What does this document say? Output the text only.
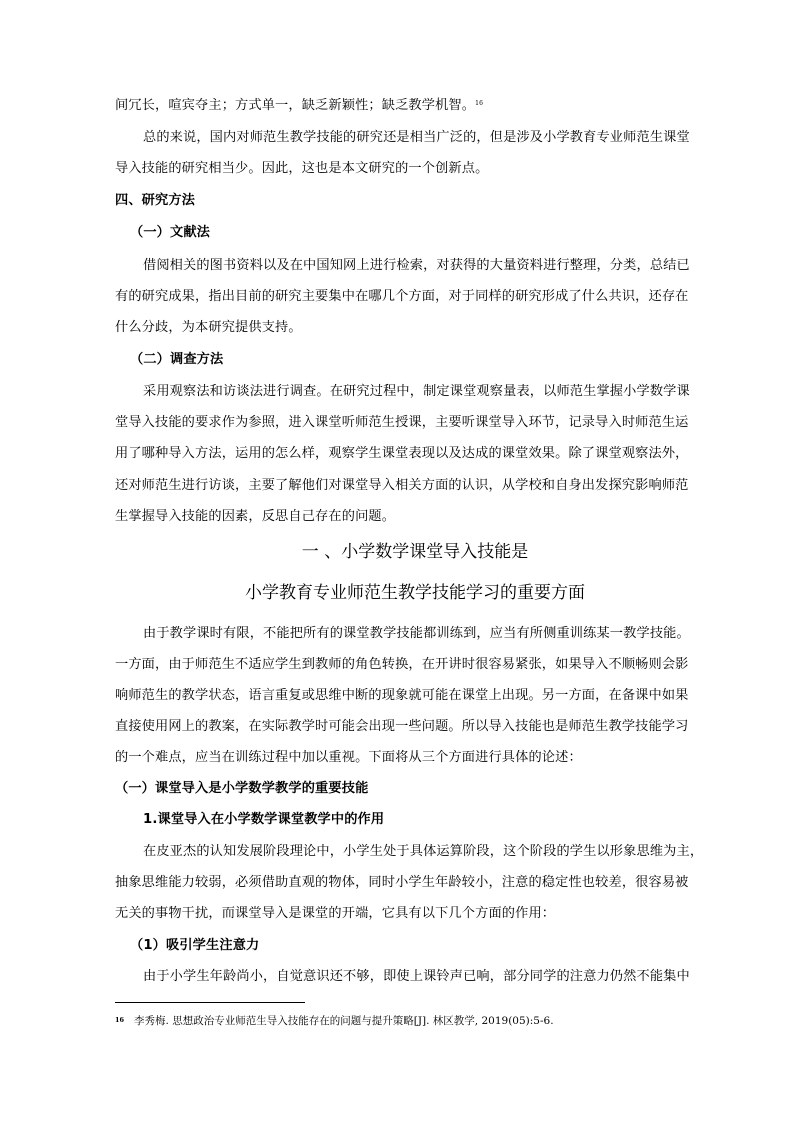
间冗长，喧宾夺主；方式单一，缺乏新颖性；缺乏教学机智。$^{16}$
总的来说，国内对师范生教学技能的研究还是相当广泛的，但是涉及小学教育专业师范生课堂
导入技能的研究相当少。因此，这也是本文研究的一个创新点。
四、研究方法
（一）文献法
借阅相关的图书资料以及在中国知网上进行检索，对获得的大量资料进行整理，分类，总结已
有的研究成果，指出目前的研究主要集中在哪几个方面，对于同样的研究形成了什么共识，还存在
什么分歧，为本研究提供支持。
（二）调查方法
采用观察法和访谈法进行调查。在研究过程中，制定课堂观察量表，以师范生掌握小学数学课
堂导入技能的要求作为参照，进入课堂听师范生授课，主要听课堂导入环节，记录导入时师范生运
用了哪种导入方法，运用的怎么样，观察学生课堂表现以及达成的课堂效果。除了课堂观察法外，
还对师范生进行访谈，主要了解他们对课堂导入相关方面的认识，从学校和自身出发探究影响师范
生掌握导入技能的因素，反思自己存在的问题。
一 、小学数学课堂导入技能是
小学教育专业师范生教学技能学习的重要方面
由于教学课时有限，不能把所有的课堂教学技能都训练到，应当有所侧重训练某一教学技能。
一方面，由于师范生不适应学生到教师的角色转换，在开讲时很容易紧张，如果导入不顺畅则会影
响师范生的教学状态，语言重复或思维中断的现象就可能在课堂上出现。另一方面，在备课中如果
直接使用网上的教案，在实际教学时可能会出现一些问题。所以导入技能也是师范生教学技能学习
的一个难点，应当在训练过程中加以重视。下面将从三个方面进行具体的论述：
（一）课堂导入是小学数学教学的重要技能
1.课堂导入在小学数学课堂教学中的作用
在皮亚杰的认知发展阶段理论中，小学生处于具体运算阶段，这个阶段的学生以形象思维为主，
抽象思维能力较弱，必须借助直观的物体，同时小学生年龄较小，注意的稳定性也较差，很容易被
无关的事物干扰，而课堂导入是课堂的开端，它具有以下几个方面的作用：
（1）吸引学生注意力
由于小学生年龄尚小，自觉意识还不够，即使上课铃声已响，部分同学的注意力仍然不能集中
$^{16}$ 李秀梅. 思想政治专业师范生导入技能存在的问题与提升策略[J]. 林区教学, 2019(05):5-6.
